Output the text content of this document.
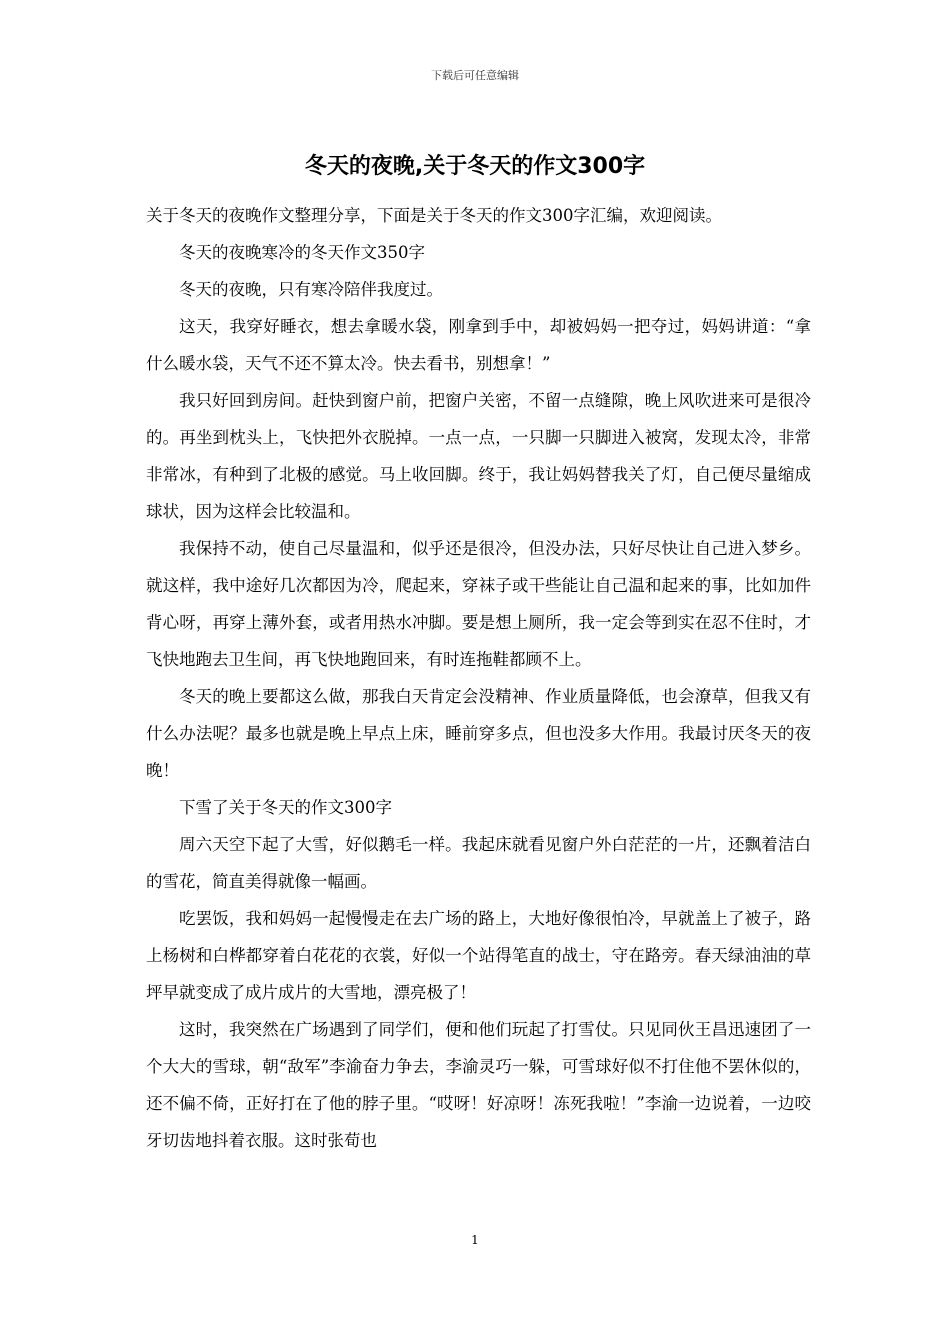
下载后可任意编辑
冬天的夜晚,关于冬天的作文300字

关于冬天的夜晚作文整理分享，下面是关于冬天的作文300字汇编，欢迎阅读。

冬天的夜晚寒冷的冬天作文350字

冬天的夜晚，只有寒冷陪伴我度过。

这天，我穿好睡衣，想去拿暖水袋，刚拿到手中，却被妈妈一把夺过，妈妈讲道：“拿什么暖水袋，天气不还不算太冷。快去看书，别想拿！”

我只好回到房间。赶快到窗户前，把窗户关密，不留一点缝隙，晚上风吹进来可是很冷的。再坐到枕头上，飞快把外衣脱掉。一点一点，一只脚一只脚进入被窝，发现太冷，非常非常冰，有种到了北极的感觉。马上收回脚。终于，我让妈妈替我关了灯，自己便尽量缩成球状，因为这样会比较温和。

我保持不动，使自己尽量温和，似乎还是很冷，但没办法，只好尽快让自己进入梦乡。就这样，我中途好几次都因为冷，爬起来，穿袜子或干些能让自己温和起来的事，比如加件背心呀，再穿上薄外套，或者用热水冲脚。要是想上厕所，我一定会等到实在忍不住时，才飞快地跑去卫生间，再飞快地跑回来，有时连拖鞋都顾不上。

冬天的晚上要都这么做，那我白天肯定会没精神、作业质量降低，也会潦草，但我又有什么办法呢？最多也就是晚上早点上床，睡前穿多点，但也没多大作用。我最讨厌冬天的夜晚！

下雪了关于冬天的作文300字

周六天空下起了大雪，好似鹅毛一样。我起床就看见窗户外白茫茫的一片，还飘着洁白的雪花，简直美得就像一幅画。

吃罢饭，我和妈妈一起慢慢走在去广场的路上，大地好像很怕冷，早就盖上了被子，路上杨树和白桦都穿着白花花的衣裳，好似一个站得笔直的战士，守在路旁。春天绿油油的草坪早就变成了成片成片的大雪地，漂亮极了！

这时，我突然在广场遇到了同学们，便和他们玩起了打雪仗。只见同伙王昌迅速团了一个大大的雪球，朝“敌军”李渝奋力争去，李渝灵巧一躲，可雪球好似不打住他不罢休似的，还不偏不倚，正好打在了他的脖子里。“哎呀！好凉呀！冻死我啦！”李渝一边说着，一边咬牙切齿地抖着衣服。这时张荀也

1
